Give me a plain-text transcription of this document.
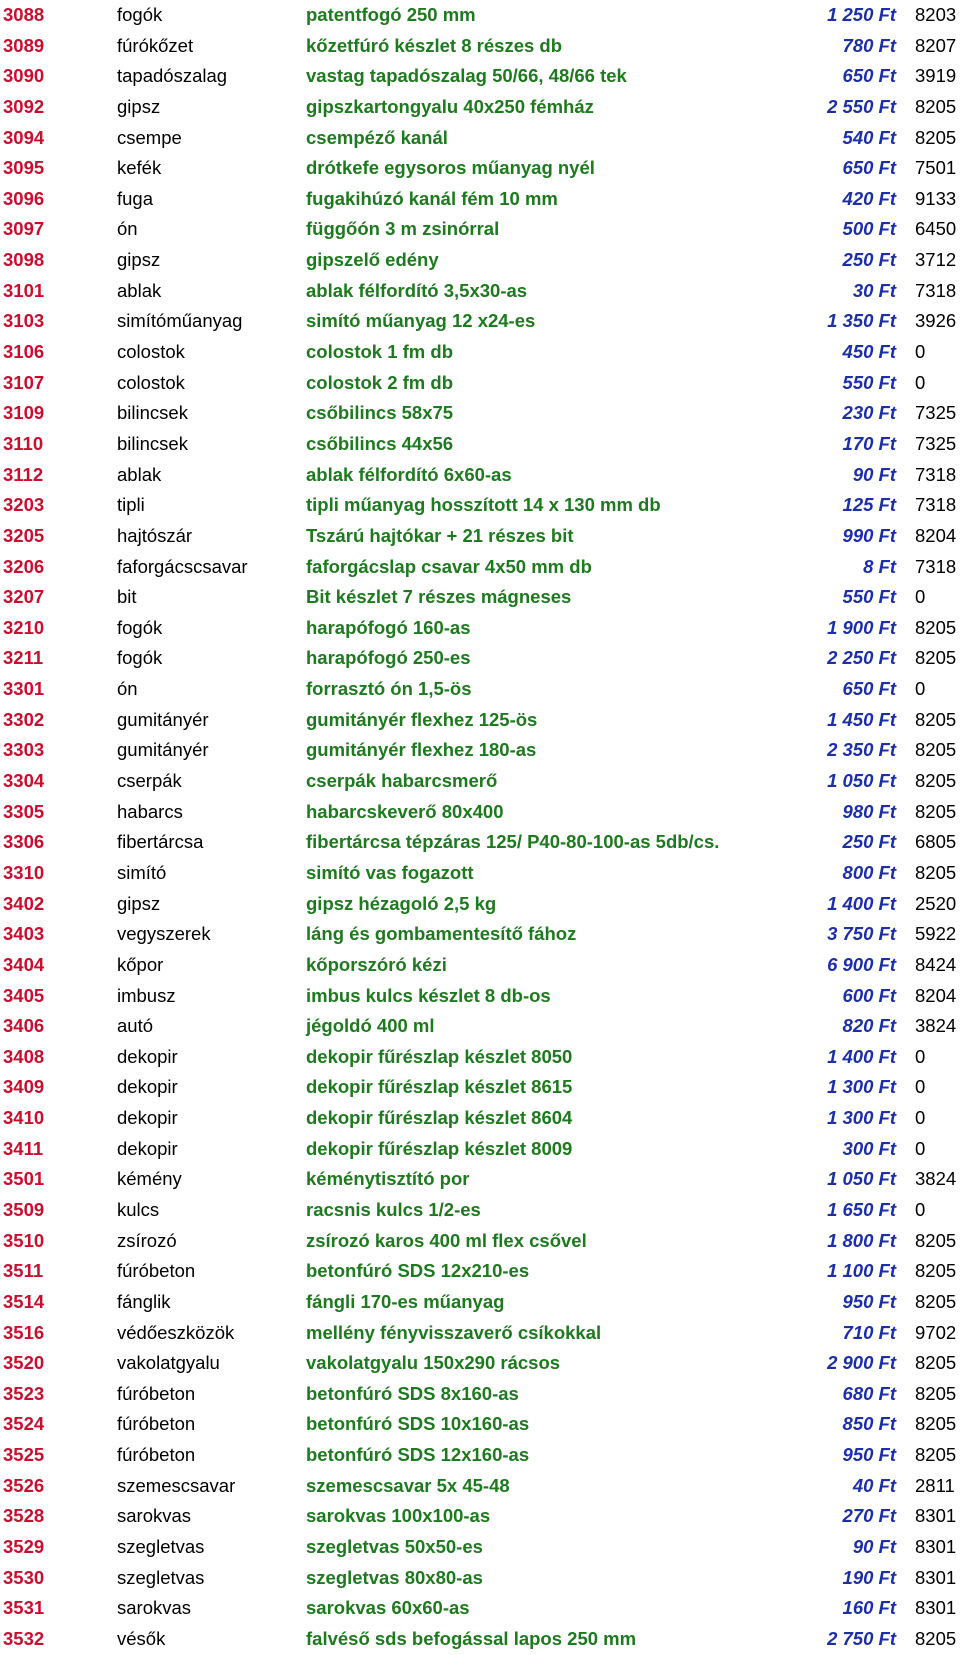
3088	fogók	patentfogó 250 mm	1 250 Ft 8203
3089	fúrókőzet	kőzetfúró készlet 8 részes db	780 Ft 8207
3090	tapadószalag	vastag tapadószalag 50/66, 48/66 tek	650 Ft 3919
3092	gipsz	gipszkartongyalu 40x250 fémház	2 550 Ft 8205
3094	csempe	csempéző kanál	540 Ft 8205
3095	kefék	drótkefe egysoros műanyag nyél	650 Ft 7501
3096	fuga	fugakihúzó kanál fém 10 mm	420 Ft 9133
3097	ón	függőón 3 m zsinórral	500 Ft 6450
3098	gipsz	gipszelő edény	250 Ft 3712
3101	ablak	ablak félfordító 3,5x30-as	30 Ft 7318
3103	simítóműanyag	simító műanyag 12 x24-es	1 350 Ft 3926
3106	colostok	colostok 1 fm db	450 Ft 0
3107	colostok	colostok 2 fm db	550 Ft 0
3109	bilincsek	csőbilincs 58x75	230 Ft 7325
3110	bilincsek	csőbilincs 44x56	170 Ft 7325
3112	ablak	ablak félfordító 6x60-as	90 Ft 7318
3203	tipli	tipli műanyag hosszított 14 x 130 mm db	125 Ft 7318
3205	hajtószár	Tszárú hajtókar + 21 részes bit	990 Ft 8204
3206	faforgácscsavar	faforgácslap csavar 4x50 mm db	8 Ft 7318
3207	bit	Bit készlet 7 részes mágneses	550 Ft 0
3210	fogók	harapófogó 160-as	1 900 Ft 8205
3211	fogók	harapófogó 250-es	2 250 Ft 8205
3301	ón	forrasztó ón 1,5-ös	650 Ft 0
3302	gumitányér	gumitányér flexhez 125-ös	1 450 Ft 8205
3303	gumitányér	gumitányér flexhez 180-as	2 350 Ft 8205
3304	cserpák	cserpák habarcsmerő	1 050 Ft 8205
3305	habarcs	habarcskeverő 80x400	980 Ft 8205
3306	fibertárcsa	fibertárcsa tépzáras 125/ P40-80-100-as 5db/cs.	250 Ft 6805
3310	simító	simító vas fogazott	800 Ft 8205
3402	gipsz	gipsz hézagoló 2,5 kg	1 400 Ft 2520
3403	vegyszerek	láng és gombamentesítő fához	3 750 Ft 5922
3404	kőpor	kőporszóró kézi	6 900 Ft 8424
3405	imbusz	imbus kulcs készlet 8 db-os	600 Ft 8204
3406	autó	jégoldó 400 ml	820 Ft 3824
3408	dekopir	dekopir fűrészlap készlet 8050	1 400 Ft 0
3409	dekopir	dekopir fűrészlap készlet 8615	1 300 Ft 0
3410	dekopir	dekopir fűrészlap készlet 8604	1 300 Ft 0
3411	dekopir	dekopir fűrészlap készlet 8009	300 Ft 0
3501	kémény	kéménytisztító por	1 050 Ft 3824
3509	kulcs	racsnis kulcs 1/2-es	1 650 Ft 0
3510	zsírozó	zsírozó karos 400 ml flex csővel	1 800 Ft 8205
3511	fúróbeton	betonfúró SDS 12x210-es	1 100 Ft 8205
3514	fánglik	fángli 170-es műanyag	950 Ft 8205
3516	védőeszközök	mellény fényvisszaverő csíkokkal	710 Ft 9702
3520	vakolatgyalu	vakolatgyalu 150x290 rácsos	2 900 Ft 8205
3523	fúróbeton	betonfúró SDS 8x160-as	680 Ft 8205
3524	fúróbeton	betonfúró SDS 10x160-as	850 Ft 8205
3525	fúróbeton	betonfúró SDS 12x160-as	950 Ft 8205
3526	szemescsavar	szemescsavar 5x 45-48	40 Ft 2811
3528	sarokvas	sarokvas 100x100-as	270 Ft 8301
3529	szegletvas	szegletvas 50x50-es	90 Ft 8301
3530	szegletvas	szegletvas 80x80-as	190 Ft 8301
3531	sarokvas	sarokvas 60x60-as	160 Ft 8301
3532	vésők	falvéső sds befogással lapos 250 mm	2 750 Ft 8205
